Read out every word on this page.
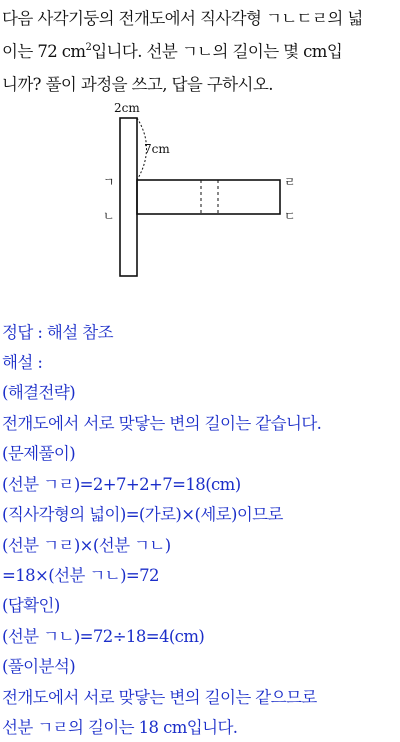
다음 사각기둥의 전개도에서 직사각형 ㄱㄴㄷㄹ의 넓
이는 72 $cm^2$입니다. 선분 ㄱㄴ의 길이는 몇 cm입
니까? 풀이 과정을 쓰고, 답을 구하시오.
2cm
7cm
ㄱ
ㄴ	ㄷ
ㄹ
정답 : 해설 참조
해설 :
(해결전략)
전개도에서 서로 맞닿는 변의 길이는 같습니다.
(문제풀이)
(선분 ㄱㄹ)=2+7+2+7=18(cm)
(직사각형의 넓이)=(가로)×(세로)이므로
(선분 ㄱㄹ)×(선분 ㄱㄴ)
=18×(선분 ㄱㄴ)=72
(답확인)
(선분 ㄱㄴ)=72÷18=4(cm)
(풀이분석)
전개도에서 서로 맞닿는 변의 길이는 같으므로
선분 ㄱㄹ의 길이는 18 cm입니다.
